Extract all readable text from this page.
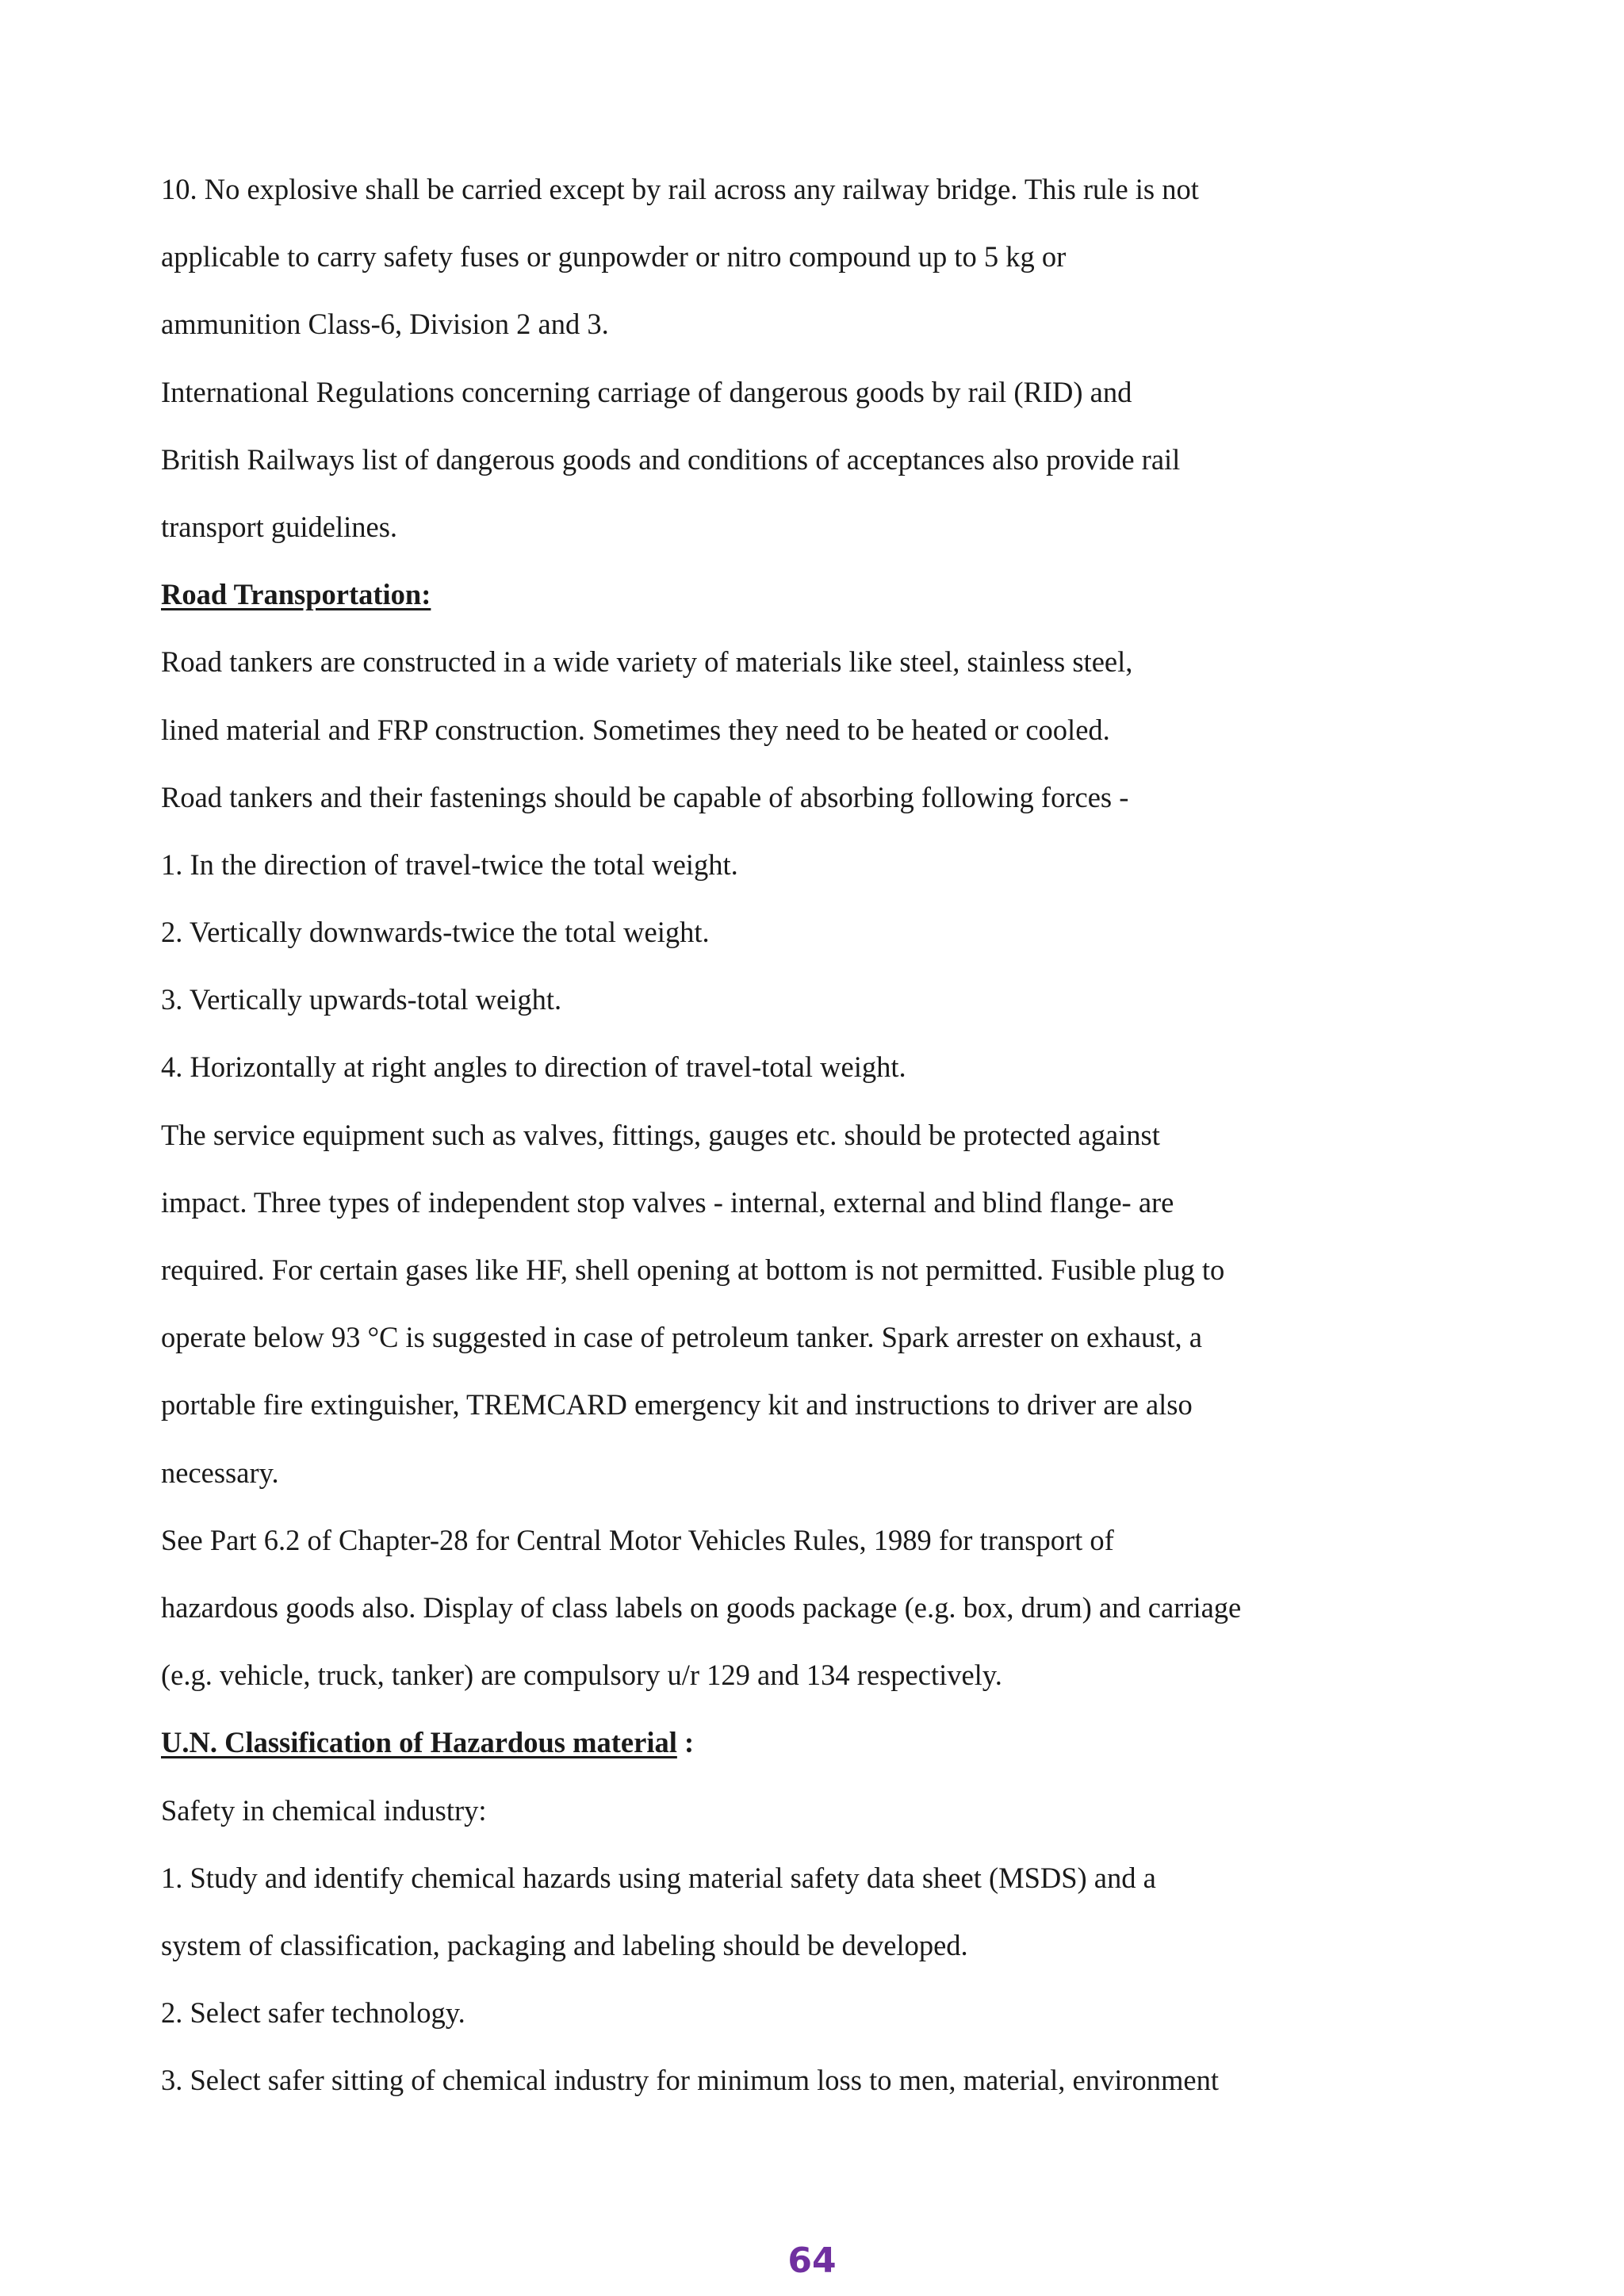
10. No explosive shall be carried except by rail across any railway bridge. This rule is not
applicable to carry safety fuses or gunpowder or nitro compound up to 5 kg or
ammunition Class-6, Division 2 and 3.
International Regulations concerning carriage of dangerous goods by rail (RID) and
British Railways list of dangerous goods and conditions of acceptances also provide rail
transport guidelines.
Road Transportation:
Road tankers are constructed in a wide variety of materials like steel, stainless steel,
lined material and FRP construction. Sometimes they need to be heated or cooled.
Road tankers and their fastenings should be capable of absorbing following forces -
1. In the direction of travel-twice the total weight.
2. Vertically downwards-twice the total weight.
3. Vertically upwards-total weight.
4. Horizontally at right angles to direction of travel-total weight.
The service equipment such as valves, fittings, gauges etc. should be protected against
impact. Three types of independent stop valves - internal, external and blind flange- are
required. For certain gases like HF, shell opening at bottom is not permitted. Fusible plug to
operate below 93 °C is suggested in case of petroleum tanker. Spark arrester on exhaust, a
portable fire extinguisher, TREMCARD emergency kit and instructions to driver are also
necessary.
See Part 6.2 of Chapter-28 for Central Motor Vehicles Rules, 1989 for transport of
hazardous goods also. Display of class labels on goods package (e.g. box, drum) and carriage
(e.g. vehicle, truck, tanker) are compulsory u/r 129 and 134 respectively.
U.N. Classification of Hazardous material :
Safety in chemical industry:
1. Study and identify chemical hazards using material safety data sheet (MSDS) and a
system of classification, packaging and labeling should be developed.
2. Select safer technology.
3. Select safer sitting of chemical industry for minimum loss to men, material, environment
64
